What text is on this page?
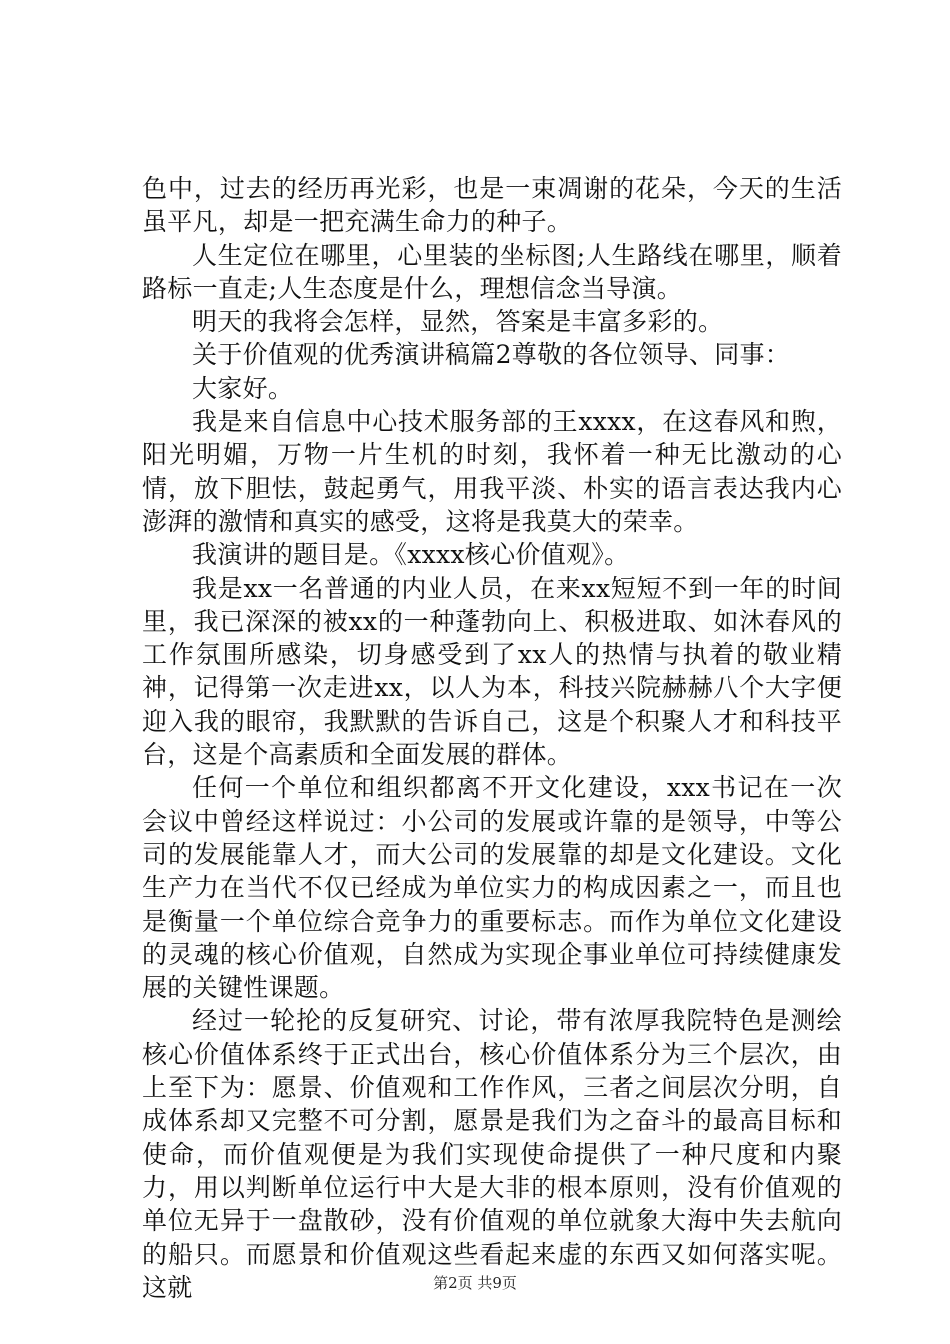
色中，过去的经历再光彩，也是一束凋谢的花朵，今天的生活虽平凡，却是一把充满生命力的种子。

人生定位在哪里，心里装的坐标图;人生路线在哪里，顺着路标一直走;人生态度是什么，理想信念当导演。

明天的我将会怎样，显然，答案是丰富多彩的。

关于价值观的优秀演讲稿篇2尊敬的各位领导、同事：

大家好。

我是来自信息中心技术服务部的王xxxx，在这春风和煦，阳光明媚，万物一片生机的时刻，我怀着一种无比激动的心情，放下胆怯，鼓起勇气，用我平淡、朴实的语言表达我内心澎湃的激情和真实的感受，这将是我莫大的荣幸。

我演讲的题目是。《xxxx核心价值观》。

我是xx一名普通的内业人员，在来xx短短不到一年的时间里，我已深深的被xx的一种蓬勃向上、积极进取、如沐春风的工作氛围所感染，切身感受到了xx人的热情与执着的敬业精神，记得第一次走进xx，以人为本，科技兴院赫赫八个大字便迎入我的眼帘，我默默的告诉自己，这是个积聚人才和科技平台，这是个高素质和全面发展的群体。

任何一个单位和组织都离不开文化建设，xxx书记在一次会议中曾经这样说过：小公司的发展或许靠的是领导，中等公司的发展能靠人才，而大公司的发展靠的却是文化建设。文化生产力在当代不仅已经成为单位实力的构成因素之一，而且也是衡量一个单位综合竞争力的重要标志。而作为单位文化建设的灵魂的核心价值观，自然成为实现企事业单位可持续健康发展的关键性课题。

经过一轮抡的反复研究、讨论，带有浓厚我院特色是测绘核心价值体系终于正式出台，核心价值体系分为三个层次，由上至下为：愿景、价值观和工作作风，三者之间层次分明，自成体系却又完整不可分割，愿景是我们为之奋斗的最高目标和使命，而价值观便是为我们实现使命提供了一种尺度和内聚力，用以判断单位运行中大是大非的根本原则，没有价值观的单位无异于一盘散砂，没有价值观的单位就象大海中失去航向的船只。而愿景和价值观这些看起来虚的东西又如何落实呢。这就	第2页 共9页
